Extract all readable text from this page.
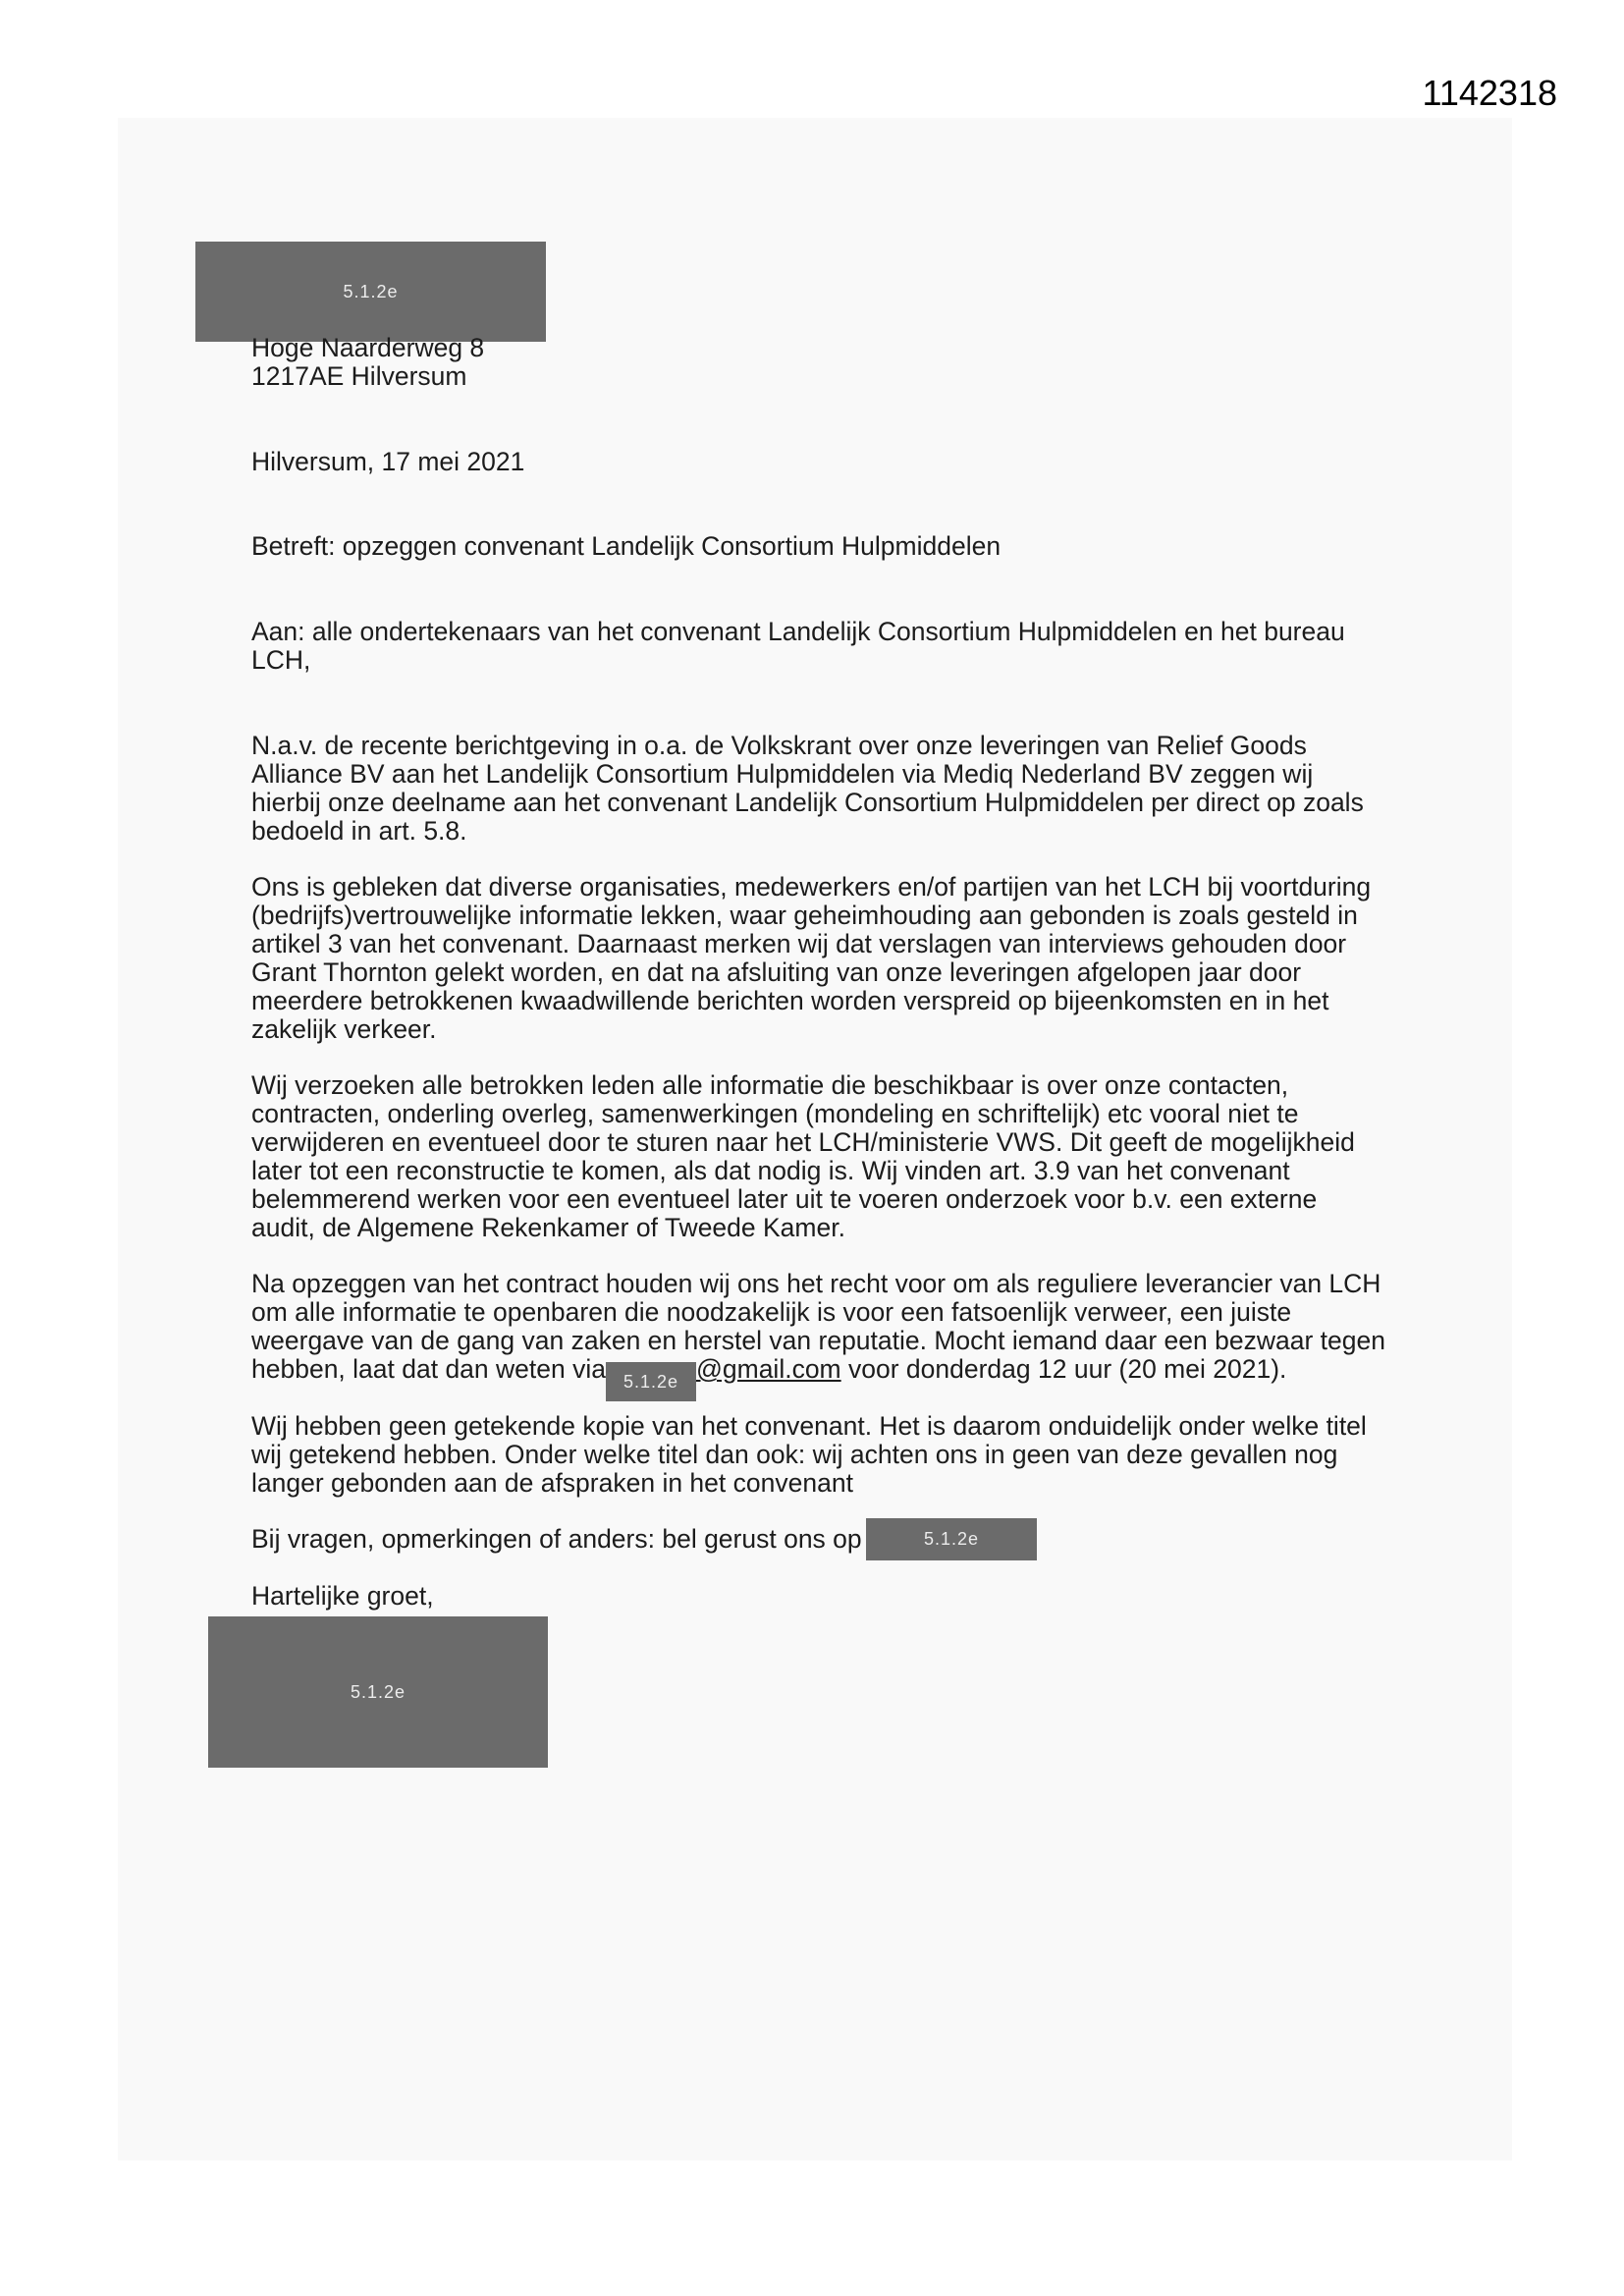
1142318
5.1.2e

Hoge Naarderweg 8

1217AE Hilversum

Hilversum, 17 mei 2021

Betreft: opzeggen convenant Landelijk Consortium Hulpmiddelen

Aan: alle ondertekenaars van het convenant Landelijk Consortium Hulpmiddelen en het bureau

LCH,

N.a.v. de recente berichtgeving in o.a. de Volkskrant over onze leveringen van Relief Goods

Alliance BV aan het Landelijk Consortium Hulpmiddelen via Mediq Nederland BV zeggen wij

hierbij onze deelname aan het convenant Landelijk Consortium Hulpmiddelen per direct op zoals

bedoeld in art. 5.8.

Ons is gebleken dat diverse organisaties, medewerkers en/of partijen van het LCH bij voortduring

(bedrijfs)vertrouwelijke informatie lekken, waar geheimhouding aan gebonden is zoals gesteld in

artikel 3 van het convenant. Daarnaast merken wij dat verslagen van interviews gehouden door

Grant Thornton gelekt worden, en dat na afsluiting van onze leveringen afgelopen jaar door

meerdere betrokkenen kwaadwillende berichten worden verspreid op bijeenkomsten en in het

zakelijk verkeer.

Wij verzoeken alle betrokken leden alle informatie die beschikbaar is over onze contacten,

contracten, onderling overleg, samenwerkingen (mondeling en schriftelijk) etc vooral niet te

verwijderen en eventueel door te sturen naar het LCH/ministerie VWS. Dit geeft de mogelijkheid

later tot een reconstructie te komen, als dat nodig is. Wij vinden art. 3.9 van het convenant

belemmerend werken voor een eventueel later uit te voeren onderzoek voor b.v. een externe

audit, de Algemene Rekenkamer of Tweede Kamer.

Na opzeggen van het contract houden wij ons het recht voor om als reguliere leverancier van LCH

om alle informatie te openbaren die noodzakelijk is voor een fatsoenlijk verweer, een juiste

weergave van de gang van zaken en herstel van reputatie. Mocht iemand daar een bezwaar tegen

hebben, laat dat dan weten via 5.1.2e @gmail.com voor donderdag 12 uur (20 mei 2021).

Wij hebben geen getekende kopie van het convenant. Het is daarom onduidelijk onder welke titel

wij getekend hebben. Onder welke titel dan ook: wij achten ons in geen van deze gevallen nog

langer gebonden aan de afspraken in het convenant

Bij vragen, opmerkingen of anders: bel gerust ons op	5.1.2e

Hartelijke groet,

5.1.2e
